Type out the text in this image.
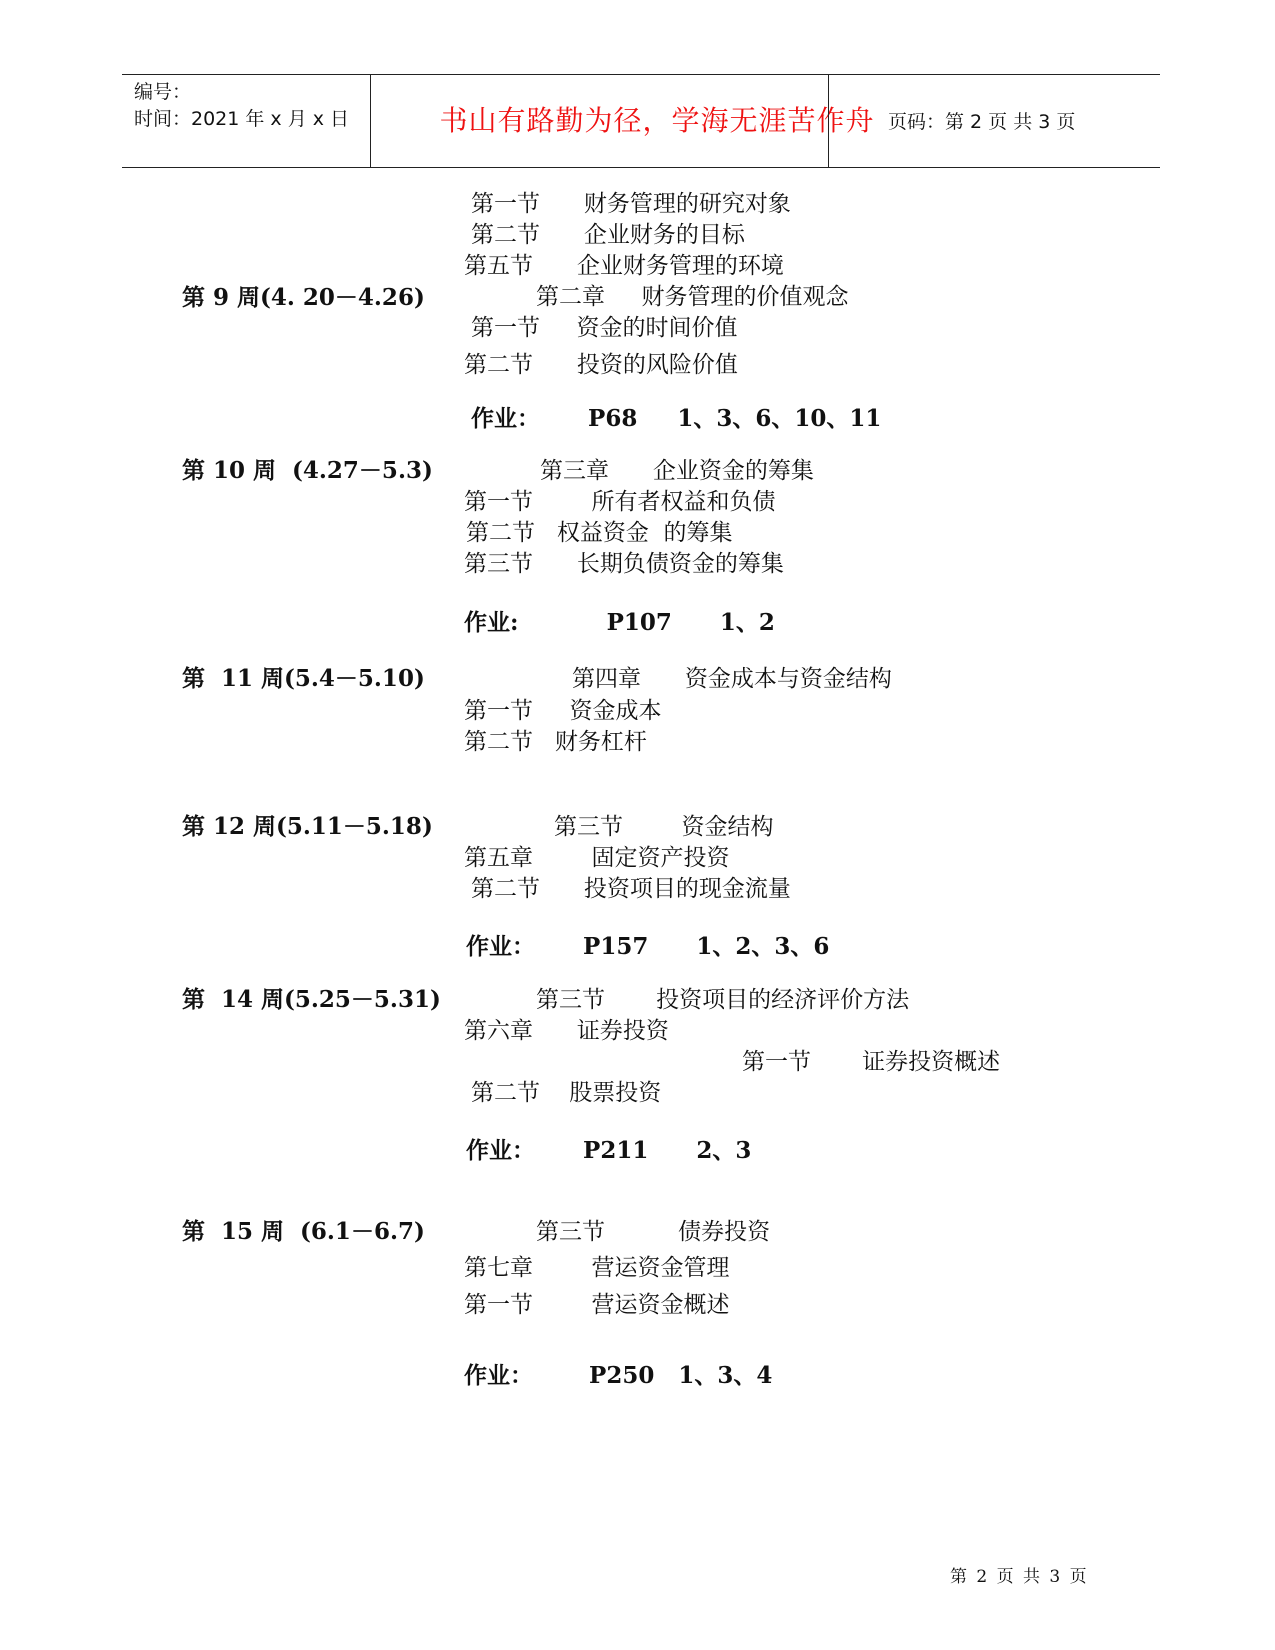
编号：
时间：2021 年 x 月 x 日	书山有路勤为径，学海无涯苦作舟 页码：第 2 页 共 3 页
第 9 周(4. 20－4.26)
第 10 周  (4.27－5.3)
第  11 周(5.4－5.10)
第 12 周(5.11－5.18)
第  14 周(5.25－5.31)
第  15 周  (6.1－6.7)
第一节      财务管理的研究对象
第二节      企业财务的目标
第五节      企业财务管理的环境
第二章     财务管理的价值观念
第一节     资金的时间价值
第二节      投资的风险价值
作业：      P68     1、3、6、10、11
第三章      企业资金的筹集
第一节        所有者权益和负债
第二节   权益资金  的筹集
第三节      长期负债资金的筹集
作业:           P107      1、2
第四章      资金成本与资金结构
第一节     资金成本
第二节   财务杠杆
第三节        资金结构
第五章        固定资产投资
第二节      投资项目的现金流量
作业：      P157      1、2、3、6
第三节       投资项目的经济评价方法
第六章      证券投资
第一节       证券投资概述
第二节    股票投资
作业：      P211      2、3
第三节          债券投资
第七章        营运资金管理
第一节        营运资金概述
作业：       P250   1、3、4
第 2 页 共 3 页
